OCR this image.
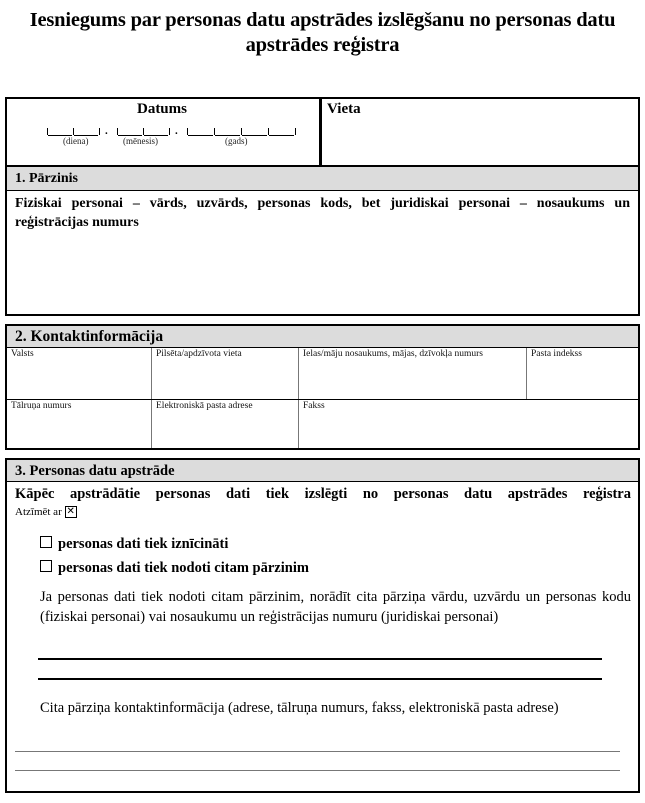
Iesniegums par personas datu apstrādes izslēgšanu no personas datu apstrādes reģistra
Datums	Vieta
(diena)
.
(mēnesis)
.
(gads)
1. Pārzinis
Fiziskai personai – vārds, uzvārds, personas kods, bet juridiskai personai – nosaukums un reģistrācijas numurs
2. Kontaktinformācija
Valsts	Pilsēta/apdzīvota vieta	Ielas/māju nosaukums, mājas, dzīvokļa numurs	Pasta indekss
Tālruņa numurs	Elektroniskā pasta adrese	Fakss
3. Personas datu apstrāde
Kāpēc apstrādātie personas dati tiek izslēgti no personas datu apstrādes reģistra
Atzīmēt ar ✕
personas dati tiek iznīcināti
personas dati tiek nodoti citam pārzinim
Ja personas dati tiek nodoti citam pārzinim, norādīt cita pārziņa vārdu, uzvārdu un personas kodu (fiziskai personai) vai nosaukumu un reģistrācijas numuru (juridiskai personai)
Cita pārziņa kontaktinformācija (adrese, tālruņa numurs, fakss, elektroniskā pasta adrese)
